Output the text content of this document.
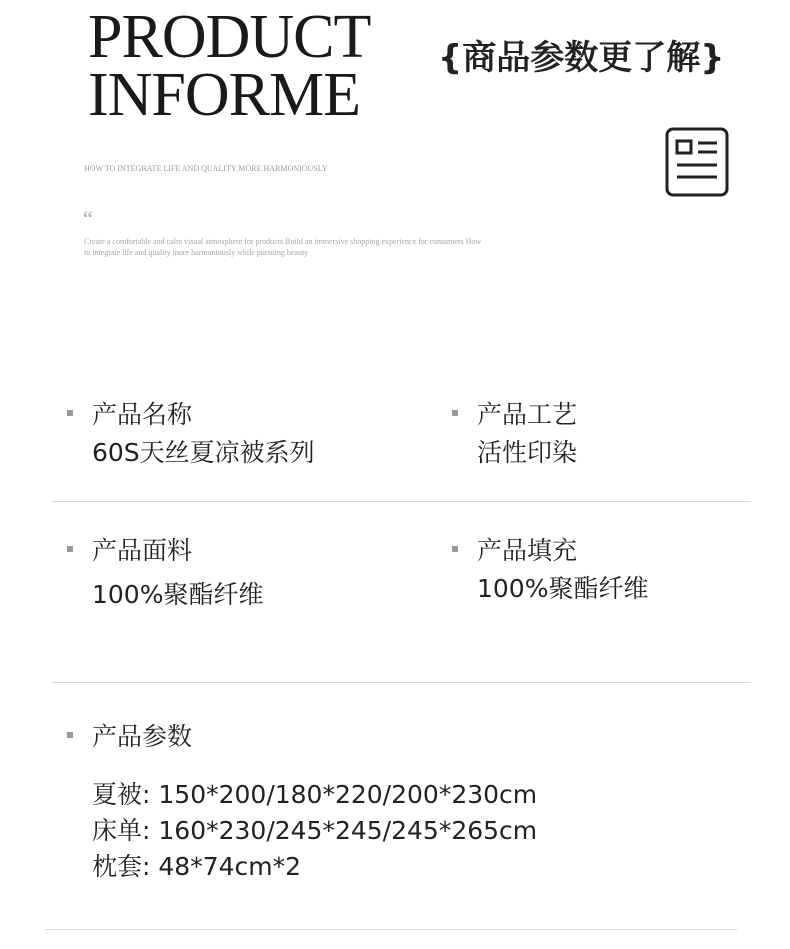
PRODUCT
INFORME
{商品参数更了解}
HOW TO INTEGRATE LIFE AND QUALITY MORE HARMONIOUSLY
“
Create a comfortable and calm visual atmosphere for products Build an immersive shopping experience for consumers How to integrate life and quality more harmoniously while pursuing beauty
产品名称
60S天丝夏凉被系列
产品工艺
活性印染
产品面料
100%聚酯纤维
产品填充
100%聚酯纤维
产品参数
夏被: 150*200/180*220/200*230cm
床单: 160*230/245*245/245*265cm
枕套: 48*74cm*2
